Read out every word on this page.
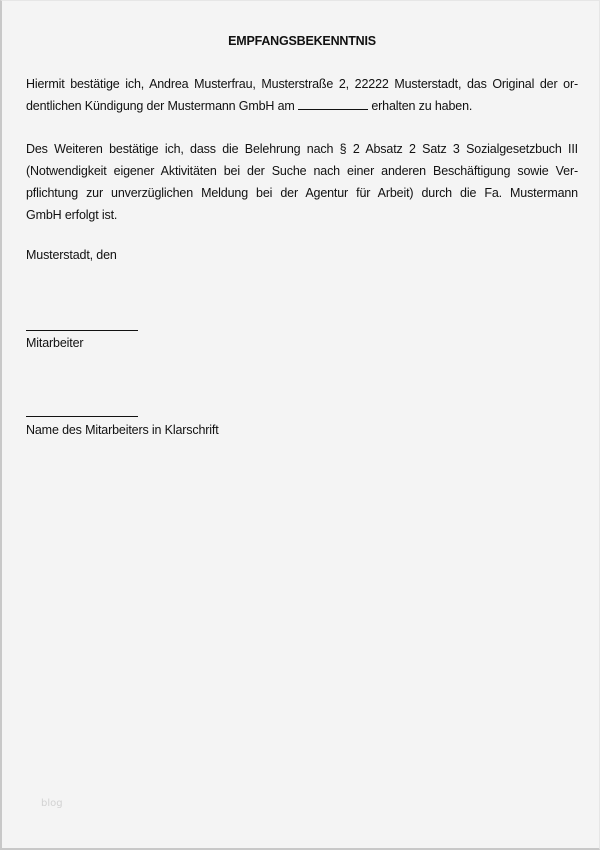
EMPFANGSBEKENNTNIS
Hiermit bestätige ich, Andrea Musterfrau, Musterstraße 2, 22222 Musterstadt, das Original der or-
dentlichen Kündigung der Mustermann GmbH am	erhalten zu haben.
Des Weiteren bestätige ich, dass die Belehrung nach § 2 Absatz 2 Satz 3 Sozialgesetzbuch III
(Notwendigkeit eigener Aktivitäten bei der Suche nach einer anderen Beschäftigung sowie Ver-
pflichtung zur unverzüglichen Meldung bei der Agentur für Arbeit) durch die Fa. Mustermann
GmbH erfolgt ist.
Musterstadt, den
Mitarbeiter
Name des Mitarbeiters in Klarschrift
blog
